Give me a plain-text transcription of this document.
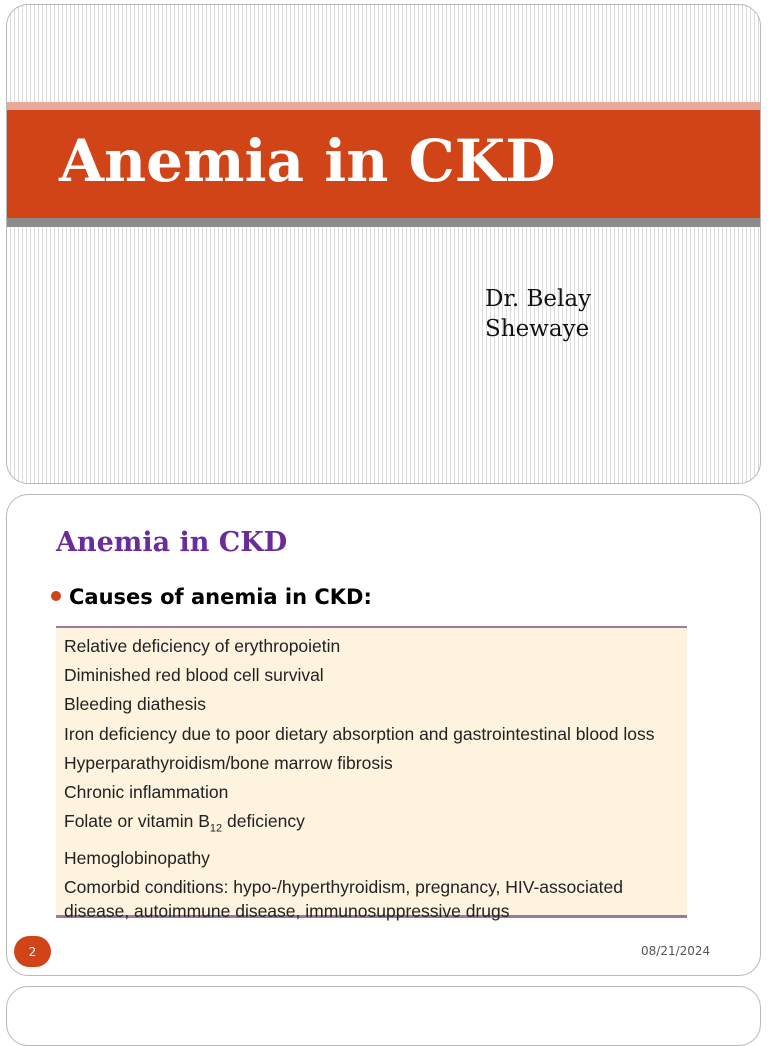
Anemia in CKD
Dr. Belay
Shewaye
Anemia in CKD
Causes of anemia in CKD:
Relative deficiency of erythropoietin
Diminished red blood cell survival
Bleeding diathesis
Iron deficiency due to poor dietary absorption and gastrointestinal blood loss
Hyperparathyroidism/bone marrow fibrosis
Chronic inflammation
Folate or vitamin $B_{12}$ deficiency
Hemoglobinopathy
Comorbid conditions: hypo-/hyperthyroidism, pregnancy, HIV-associated disease, autoimmune disease, immunosuppressive drugs
2	08/21/2024
